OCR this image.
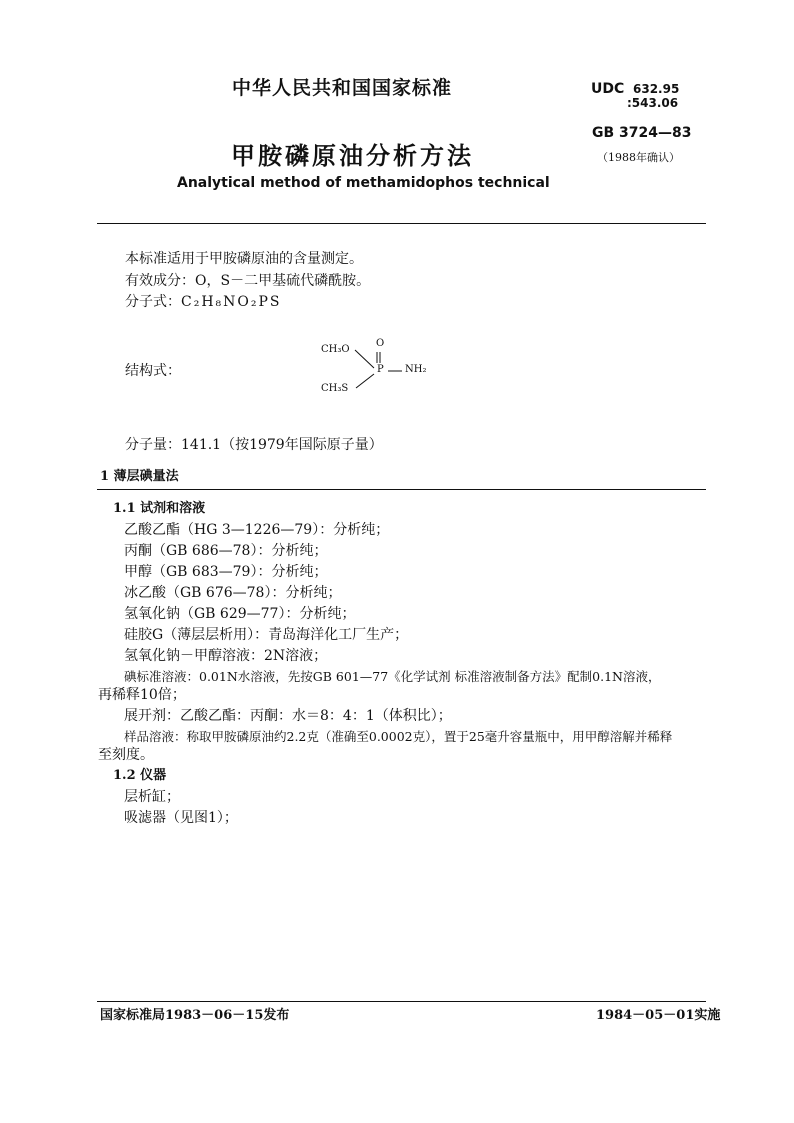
中华人民共和国国家标准	UDC 632.95
:543.06
GB 3724—83
（1988年确认）
甲胺磷原油分析方法
Analytical method of methamidophos technical
本标准适用于甲胺磷原油的含量测定。
有效成分：O，S－二甲基硫代磷酰胺。
分子式： C₂H₈NO₂PS
结构式：
CH₃O
O
P NH₂
CH₃S
分子量：141.1（按1979年国际原子量）
1 薄层碘量法
1.1 试剂和溶液
乙酸乙酯（HG 3—1226—79）：分析纯；
丙酮（GB 686—78）：分析纯；
甲醇（GB 683—79）：分析纯；
冰乙酸（GB 676—78）：分析纯；
氢氧化钠（GB 629—77）：分析纯；
硅胶G（薄层层析用）：青岛海洋化工厂生产；
氢氧化钠－甲醇溶液：2N溶液；
碘标准溶液：0.01N水溶液，先按GB 601—77《化学试剂 标准溶液制备方法》配制0.1N溶液，
再稀释10倍；
展开剂：乙酸乙酯：丙酮：水＝8：4：1（体积比）；
样品溶液：称取甲胺磷原油约2.2克（准确至0.0002克），置于25毫升容量瓶中，用甲醇溶解并稀释
至刻度。
1.2 仪器
层析缸；
吸滤器（见图1）；
国家标准局1983－06－15发布	1984－05－01实施
